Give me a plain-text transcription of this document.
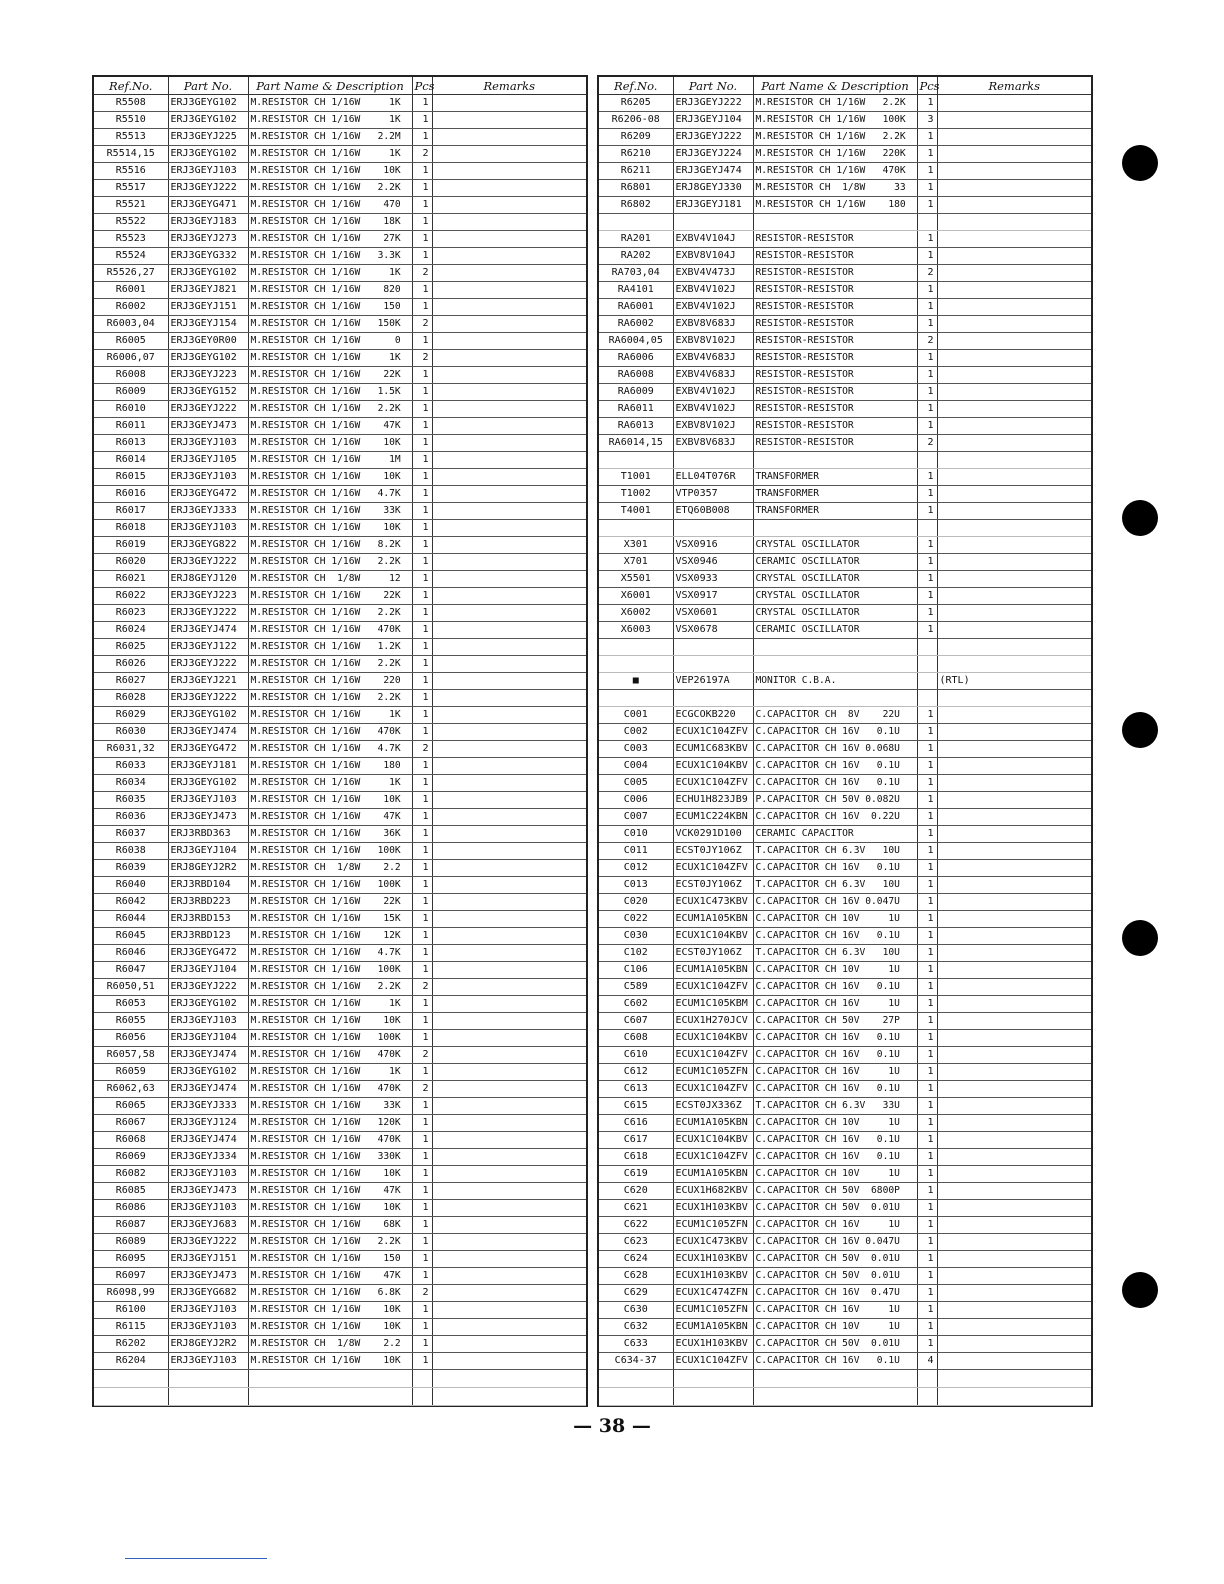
Ref.No.	Part No.	Part Name & Description	Pcs	Remarks
R5508	ERJ3GEYG102	M.RESISTOR CH 1/16W     1K	1	
R5510	ERJ3GEYG102	M.RESISTOR CH 1/16W     1K	1	
R5513	ERJ3GEYJ225	M.RESISTOR CH 1/16W   2.2M	1	
R5514,15	ERJ3GEYG102	M.RESISTOR CH 1/16W     1K	2	
R5516	ERJ3GEYJ103	M.RESISTOR CH 1/16W    10K	1	
R5517	ERJ3GEYJ222	M.RESISTOR CH 1/16W   2.2K	1	
R5521	ERJ3GEYG471	M.RESISTOR CH 1/16W    470	1	
R5522	ERJ3GEYJ183	M.RESISTOR CH 1/16W    18K	1	
R5523	ERJ3GEYJ273	M.RESISTOR CH 1/16W    27K	1	
R5524	ERJ3GEYG332	M.RESISTOR CH 1/16W   3.3K	1	
R5526,27	ERJ3GEYG102	M.RESISTOR CH 1/16W     1K	2	
R6001	ERJ3GEYJ821	M.RESISTOR CH 1/16W    820	1	
R6002	ERJ3GEYJ151	M.RESISTOR CH 1/16W    150	1	
R6003,04	ERJ3GEYJ154	M.RESISTOR CH 1/16W   150K	2	
R6005	ERJ3GEY0R00	M.RESISTOR CH 1/16W      0	1	
R6006,07	ERJ3GEYG102	M.RESISTOR CH 1/16W     1K	2	
R6008	ERJ3GEYJ223	M.RESISTOR CH 1/16W    22K	1	
R6009	ERJ3GEYG152	M.RESISTOR CH 1/16W   1.5K	1	
R6010	ERJ3GEYJ222	M.RESISTOR CH 1/16W   2.2K	1	
R6011	ERJ3GEYJ473	M.RESISTOR CH 1/16W    47K	1	
R6013	ERJ3GEYJ103	M.RESISTOR CH 1/16W    10K	1	
R6014	ERJ3GEYJ105	M.RESISTOR CH 1/16W     1M	1	
R6015	ERJ3GEYJ103	M.RESISTOR CH 1/16W    10K	1	
R6016	ERJ3GEYG472	M.RESISTOR CH 1/16W   4.7K	1	
R6017	ERJ3GEYJ333	M.RESISTOR CH 1/16W    33K	1	
R6018	ERJ3GEYJ103	M.RESISTOR CH 1/16W    10K	1	
R6019	ERJ3GEYG822	M.RESISTOR CH 1/16W   8.2K	1	
R6020	ERJ3GEYJ222	M.RESISTOR CH 1/16W   2.2K	1	
R6021	ERJ8GEYJ120	M.RESISTOR CH  1/8W     12	1	
R6022	ERJ3GEYJ223	M.RESISTOR CH 1/16W    22K	1	
R6023	ERJ3GEYJ222	M.RESISTOR CH 1/16W   2.2K	1	
R6024	ERJ3GEYJ474	M.RESISTOR CH 1/16W   470K	1	
R6025	ERJ3GEYJ122	M.RESISTOR CH 1/16W   1.2K	1	
R6026	ERJ3GEYJ222	M.RESISTOR CH 1/16W   2.2K	1	
R6027	ERJ3GEYJ221	M.RESISTOR CH 1/16W    220	1	
R6028	ERJ3GEYJ222	M.RESISTOR CH 1/16W   2.2K	1	
R6029	ERJ3GEYG102	M.RESISTOR CH 1/16W     1K	1	
R6030	ERJ3GEYJ474	M.RESISTOR CH 1/16W   470K	1	
R6031,32	ERJ3GEYG472	M.RESISTOR CH 1/16W   4.7K	2	
R6033	ERJ3GEYJ181	M.RESISTOR CH 1/16W    180	1	
R6034	ERJ3GEYG102	M.RESISTOR CH 1/16W     1K	1	
R6035	ERJ3GEYJ103	M.RESISTOR CH 1/16W    10K	1	
R6036	ERJ3GEYJ473	M.RESISTOR CH 1/16W    47K	1	
R6037	ERJ3RBD363	M.RESISTOR CH 1/16W    36K	1	
R6038	ERJ3GEYJ104	M.RESISTOR CH 1/16W   100K	1	
R6039	ERJ8GEYJ2R2	M.RESISTOR CH  1/8W    2.2	1	
R6040	ERJ3RBD104	M.RESISTOR CH 1/16W   100K	1	
R6042	ERJ3RBD223	M.RESISTOR CH 1/16W    22K	1	
R6044	ERJ3RBD153	M.RESISTOR CH 1/16W    15K	1	
R6045	ERJ3RBD123	M.RESISTOR CH 1/16W    12K	1	
R6046	ERJ3GEYG472	M.RESISTOR CH 1/16W   4.7K	1	
R6047	ERJ3GEYJ104	M.RESISTOR CH 1/16W   100K	1	
R6050,51	ERJ3GEYJ222	M.RESISTOR CH 1/16W   2.2K	2	
R6053	ERJ3GEYG102	M.RESISTOR CH 1/16W     1K	1	
R6055	ERJ3GEYJ103	M.RESISTOR CH 1/16W    10K	1	
R6056	ERJ3GEYJ104	M.RESISTOR CH 1/16W   100K	1	
R6057,58	ERJ3GEYJ474	M.RESISTOR CH 1/16W   470K	2	
R6059	ERJ3GEYG102	M.RESISTOR CH 1/16W     1K	1	
R6062,63	ERJ3GEYJ474	M.RESISTOR CH 1/16W   470K	2	
R6065	ERJ3GEYJ333	M.RESISTOR CH 1/16W    33K	1	
R6067	ERJ3GEYJ124	M.RESISTOR CH 1/16W   120K	1	
R6068	ERJ3GEYJ474	M.RESISTOR CH 1/16W   470K	1	
R6069	ERJ3GEYJ334	M.RESISTOR CH 1/16W   330K	1	
R6082	ERJ3GEYJ103	M.RESISTOR CH 1/16W    10K	1	
R6085	ERJ3GEYJ473	M.RESISTOR CH 1/16W    47K	1	
R6086	ERJ3GEYJ103	M.RESISTOR CH 1/16W    10K	1	
R6087	ERJ3GEYJ683	M.RESISTOR CH 1/16W    68K	1	
R6089	ERJ3GEYJ222	M.RESISTOR CH 1/16W   2.2K	1	
R6095	ERJ3GEYJ151	M.RESISTOR CH 1/16W    150	1	
R6097	ERJ3GEYJ473	M.RESISTOR CH 1/16W    47K	1	
R6098,99	ERJ3GEYG682	M.RESISTOR CH 1/16W   6.8K	2	
R6100	ERJ3GEYJ103	M.RESISTOR CH 1/16W    10K	1	
R6115	ERJ3GEYJ103	M.RESISTOR CH 1/16W    10K	1	
R6202	ERJ8GEYJ2R2	M.RESISTOR CH  1/8W    2.2	1	
R6204	ERJ3GEYJ103	M.RESISTOR CH 1/16W    10K	1	

Ref.No.	Part No.	Part Name & Description	Pcs	Remarks
R6205	ERJ3GEYJ222	M.RESISTOR CH 1/16W   2.2K	1	
R6206-08	ERJ3GEYJ104	M.RESISTOR CH 1/16W   100K	3	
R6209	ERJ3GEYJ222	M.RESISTOR CH 1/16W   2.2K	1	
R6210	ERJ3GEYJ224	M.RESISTOR CH 1/16W   220K	1	
R6211	ERJ3GEYJ474	M.RESISTOR CH 1/16W   470K	1	
R6801	ERJ8GEYJ330	M.RESISTOR CH  1/8W     33	1	
R6802	ERJ3GEYJ181	M.RESISTOR CH 1/16W    180	1	

RA201	EXBV4V104J	RESISTOR-RESISTOR	1	
RA202	EXBV8V104J	RESISTOR-RESISTOR	1	
RA703,04	EXBV4V473J	RESISTOR-RESISTOR	2	
RA4101	EXBV4V102J	RESISTOR-RESISTOR	1	
RA6001	EXBV4V102J	RESISTOR-RESISTOR	1	
RA6002	EXBV8V683J	RESISTOR-RESISTOR	1	
RA6004,05	EXBV8V102J	RESISTOR-RESISTOR	2	
RA6006	EXBV4V683J	RESISTOR-RESISTOR	1	
RA6008	EXBV4V683J	RESISTOR-RESISTOR	1	
RA6009	EXBV4V102J	RESISTOR-RESISTOR	1	
RA6011	EXBV4V102J	RESISTOR-RESISTOR	1	
RA6013	EXBV8V102J	RESISTOR-RESISTOR	1	
RA6014,15	EXBV8V683J	RESISTOR-RESISTOR	2	

T1001	ELL04T076R	TRANSFORMER	1	
T1002	VTP0357	TRANSFORMER	1	
T4001	ETQ60B008	TRANSFORMER	1	

X301	VSX0916	CRYSTAL OSCILLATOR	1	
X701	VSX0946	CERAMIC OSCILLATOR	1	
X5501	VSX0933	CRYSTAL OSCILLATOR	1	
X6001	VSX0917	CRYSTAL OSCILLATOR	1	
X6002	VSX0601	CRYSTAL OSCILLATOR	1	
X6003	VSX0678	CERAMIC OSCILLATOR	1	

■	VEP26197A	MONITOR C.B.A.		(RTL)

C001	ECGCOKB220	C.CAPACITOR CH  8V    22U	1	
C002	ECUX1C104ZFV	C.CAPACITOR CH 16V   0.1U	1	
C003	ECUM1C683KBV	C.CAPACITOR CH 16V 0.068U	1	
C004	ECUX1C104KBV	C.CAPACITOR CH 16V   0.1U	1	
C005	ECUX1C104ZFV	C.CAPACITOR CH 16V   0.1U	1	
C006	ECHU1H823JB9	P.CAPACITOR CH 50V 0.082U	1	
C007	ECUM1C224KBN	C.CAPACITOR CH 16V  0.22U	1	
C010	VCK0291D100	CERAMIC CAPACITOR	1	
C011	ECST0JY106Z	T.CAPACITOR CH 6.3V   10U	1	
C012	ECUX1C104ZFV	C.CAPACITOR CH 16V   0.1U	1	
C013	ECST0JY106Z	T.CAPACITOR CH 6.3V   10U	1	
C020	ECUX1C473KBV	C.CAPACITOR CH 16V 0.047U	1	
C022	ECUM1A105KBN	C.CAPACITOR CH 10V     1U	1	
C030	ECUX1C104KBV	C.CAPACITOR CH 16V   0.1U	1	
C102	ECST0JY106Z	T.CAPACITOR CH 6.3V   10U	1	
C106	ECUM1A105KBN	C.CAPACITOR CH 10V     1U	1	
C589	ECUX1C104ZFV	C.CAPACITOR CH 16V   0.1U	1	
C602	ECUM1C105KBM	C.CAPACITOR CH 16V     1U	1	
C607	ECUX1H270JCV	C.CAPACITOR CH 50V    27P	1	
C608	ECUX1C104KBV	C.CAPACITOR CH 16V   0.1U	1	
C610	ECUX1C104ZFV	C.CAPACITOR CH 16V   0.1U	1	
C612	ECUM1C105ZFN	C.CAPACITOR CH 16V     1U	1	
C613	ECUX1C104ZFV	C.CAPACITOR CH 16V   0.1U	1	
C615	ECST0JX336Z	T.CAPACITOR CH 6.3V   33U	1	
C616	ECUM1A105KBN	C.CAPACITOR CH 10V     1U	1	
C617	ECUX1C104KBV	C.CAPACITOR CH 16V   0.1U	1	
C618	ECUX1C104ZFV	C.CAPACITOR CH 16V   0.1U	1	
C619	ECUM1A105KBN	C.CAPACITOR CH 10V     1U	1	
C620	ECUX1H682KBV	C.CAPACITOR CH 50V  6800P	1	
C621	ECUX1H103KBV	C.CAPACITOR CH 50V  0.01U	1	
C622	ECUM1C105ZFN	C.CAPACITOR CH 16V     1U	1	
C623	ECUX1C473KBV	C.CAPACITOR CH 16V 0.047U	1	
C624	ECUX1H103KBV	C.CAPACITOR CH 50V  0.01U	1	
C628	ECUX1H103KBV	C.CAPACITOR CH 50V  0.01U	1	
C629	ECUX1C474ZFN	C.CAPACITOR CH 16V  0.47U	1	
C630	ECUM1C105ZFN	C.CAPACITOR CH 16V     1U	1	
C632	ECUM1A105KBN	C.CAPACITOR CH 10V     1U	1	
C633	ECUX1H103KBV	C.CAPACITOR CH 50V  0.01U	1	
C634-37	ECUX1C104ZFV	C.CAPACITOR CH 16V   0.1U	4	

— 38 —
